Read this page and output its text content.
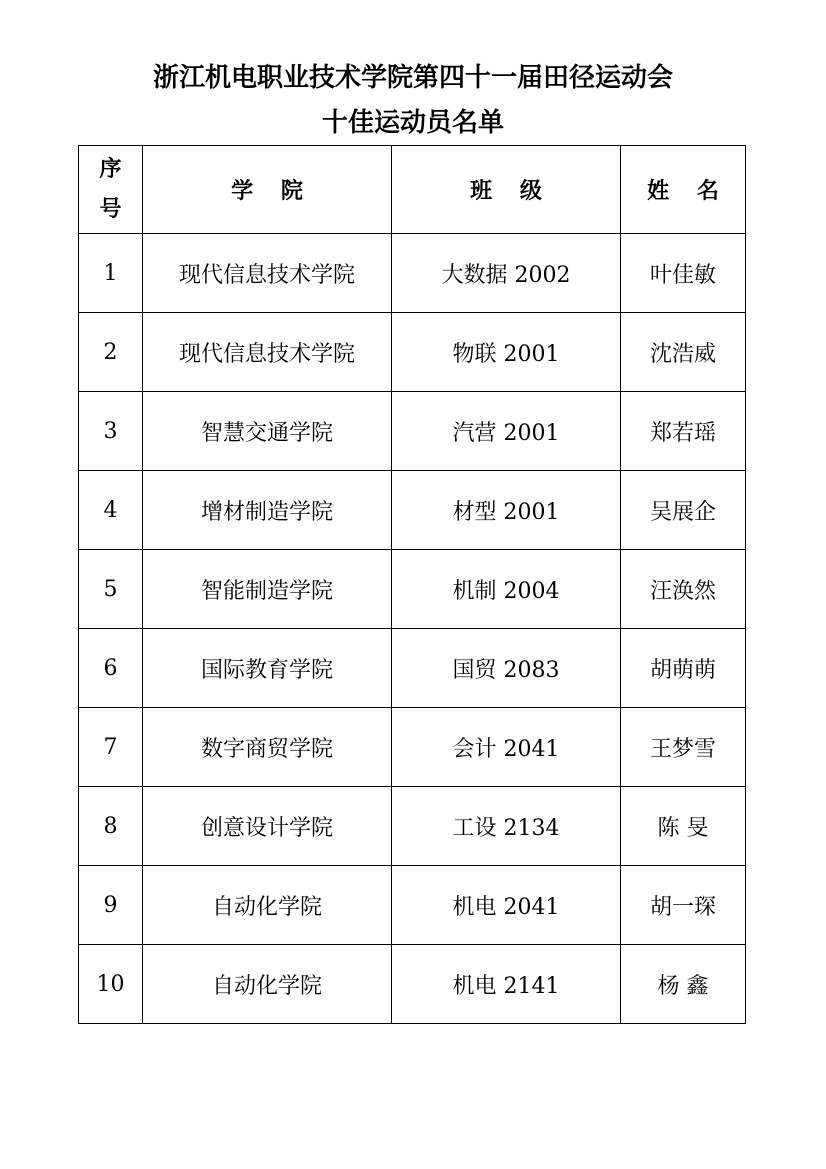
浙江机电职业技术学院第四十一届田径运动会
十佳运动员名单
序号	学 院	班 级	姓 名
1	现代信息技术学院	大数据 2002	叶佳敏
2	现代信息技术学院	物联 2001	沈浩威
3	智慧交通学院	汽营 2001	郑若瑶
4	增材制造学院	材型 2001	吴展企
5	智能制造学院	机制 2004	汪涣然
6	国际教育学院	国贸 2083	胡萌萌
7	数字商贸学院	会计 2041	王梦雪
8	创意设计学院	工设 2134	陈 旻
9	自动化学院	机电 2041	胡一琛
10	自动化学院	机电 2141	杨 鑫
